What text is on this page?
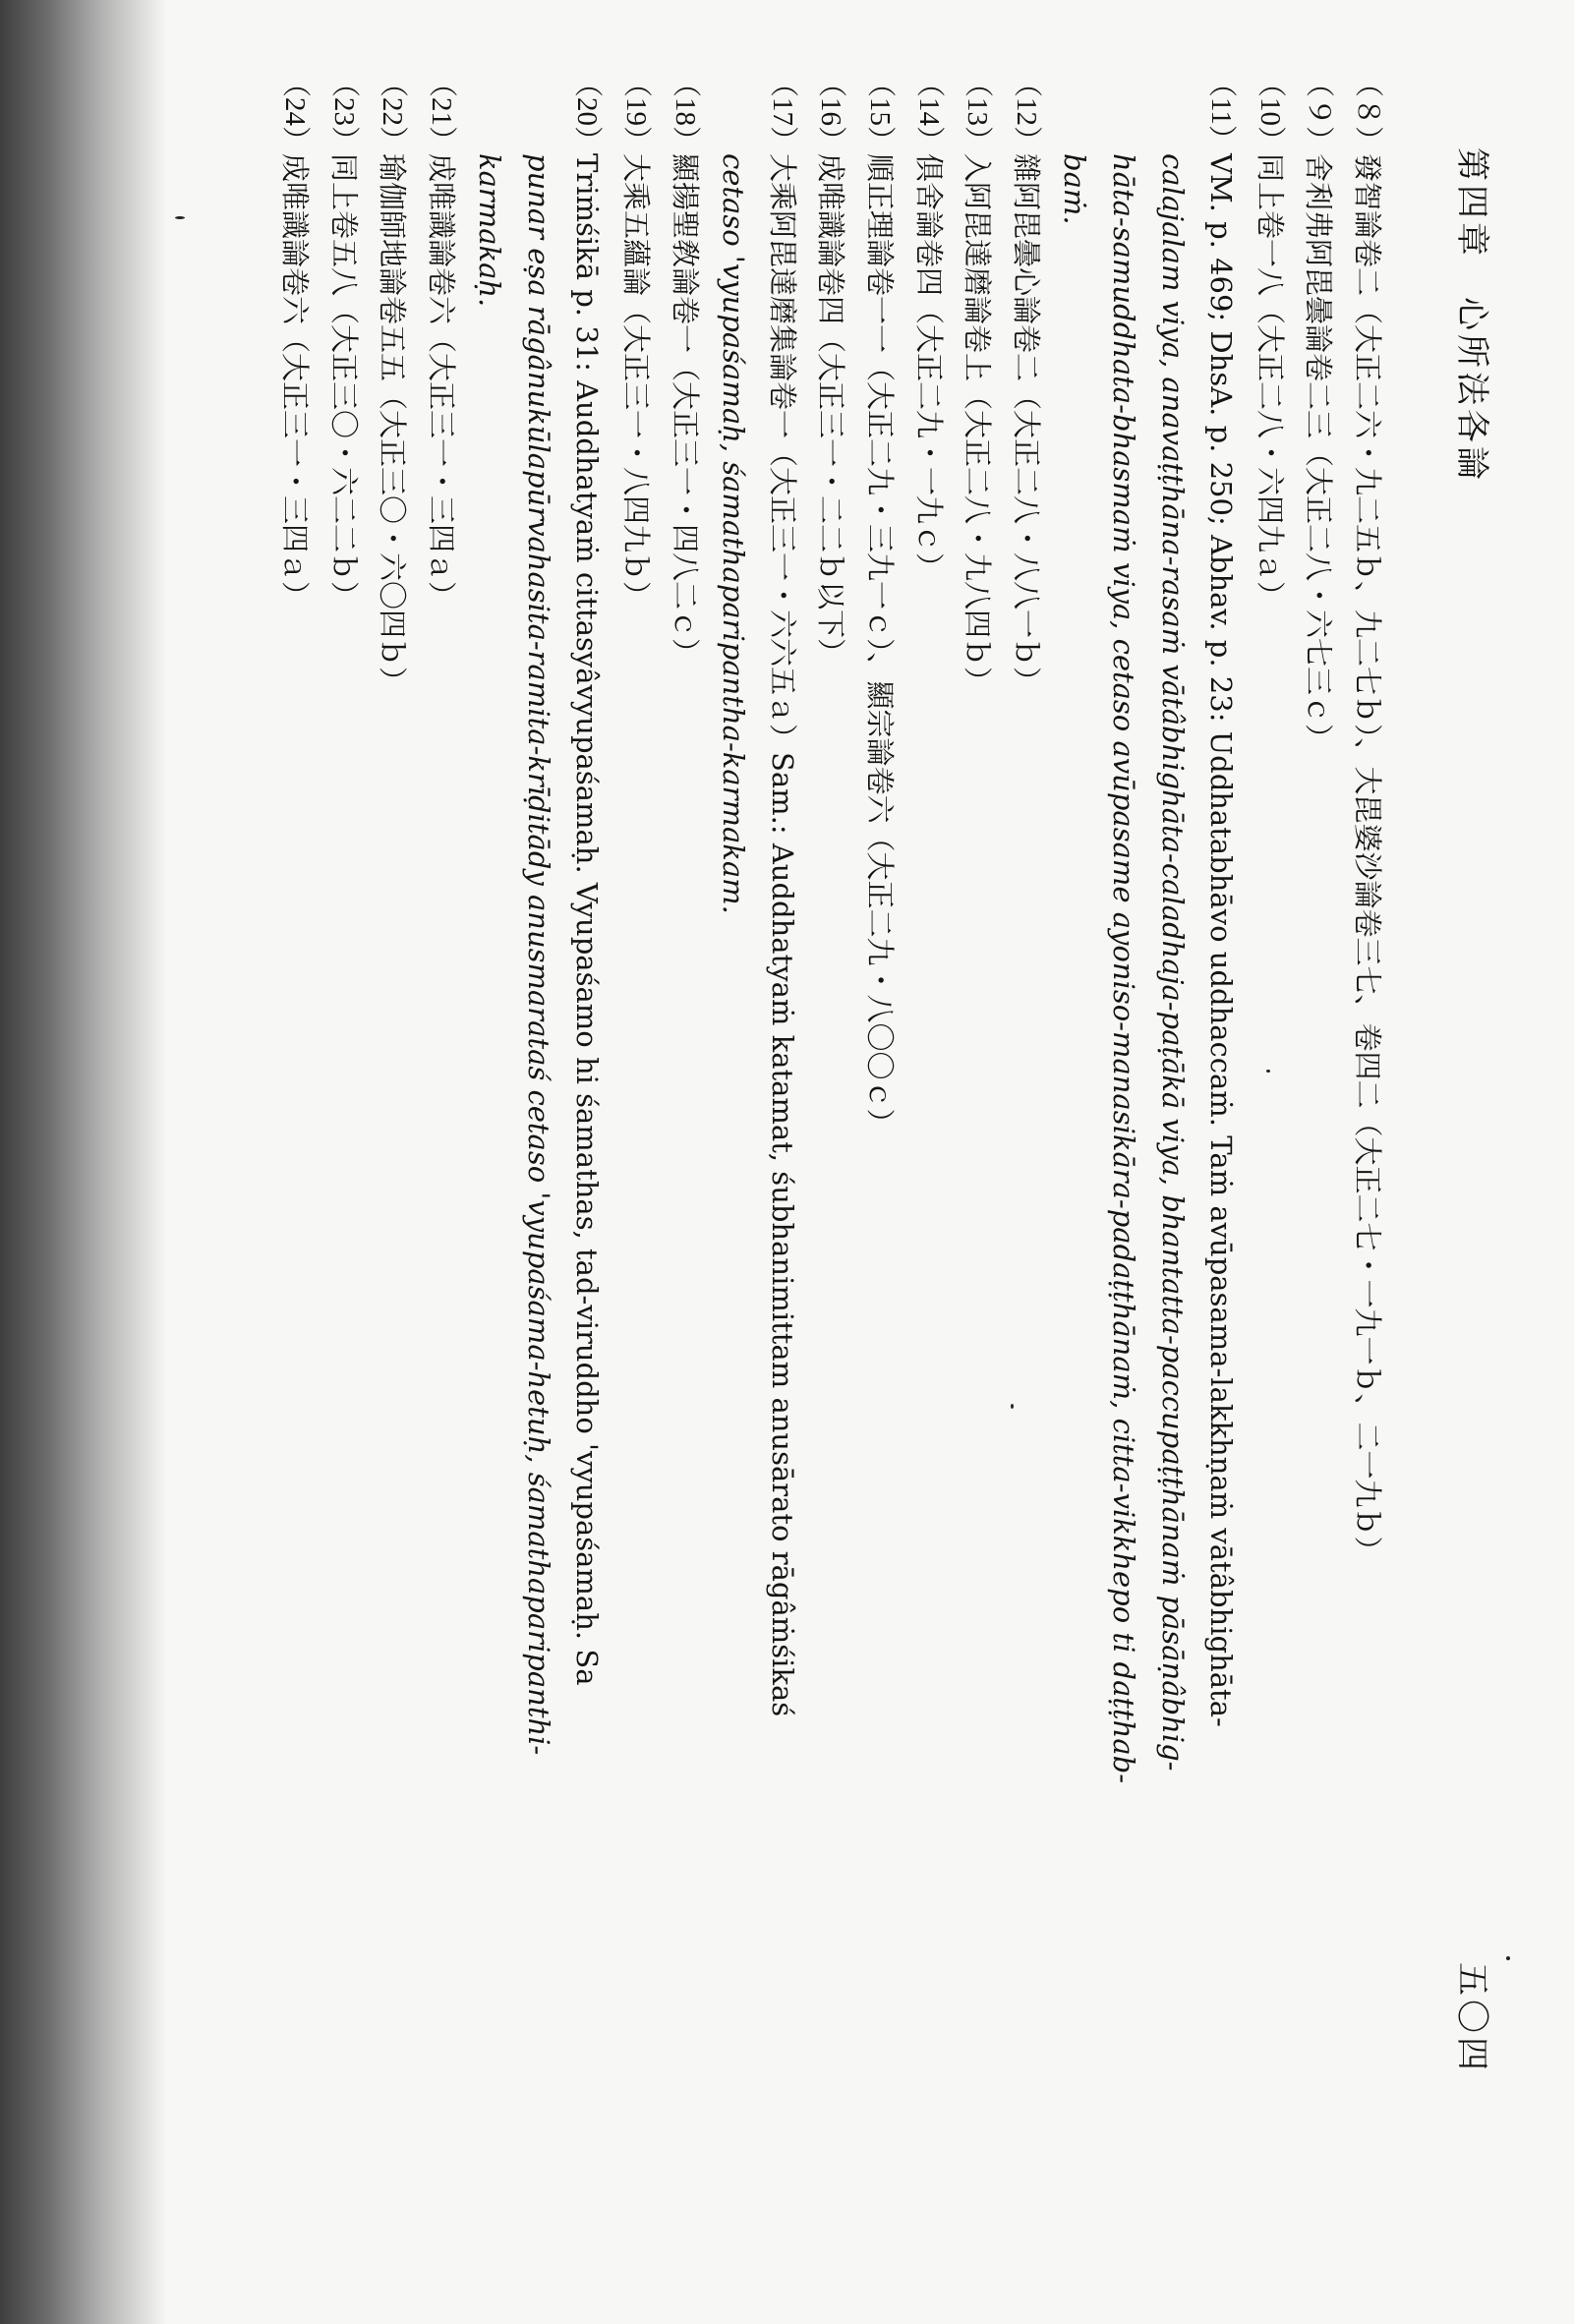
第四章　心所法各論
五〇四
（８）
發智論卷二（大正二六・九二五ｂ、九二七ｂ）、大毘婆沙論卷三七、卷四二（大正二七・一九一ｂ、二一九ｂ）
（９）
舍利弗阿毘曇論卷二三（大正二八・六七三ｃ）
（10）
同上卷一八（大正二八・六四九ａ）
（11）
VM. p. 469; DhsA. p. 250; Abhav. p. 23: Uddhatabhāvo uddhaccaṁ. Taṁ avūpasama-lakkhṇaṁ vātâbhighāta-
calajalam viya, anavaṭṭhāna-rasaṁ vātâbhighāta-caladhaja-paṭākā viya, bhantatta-paccupaṭṭhānaṁ pāsāṇâbhig-
hāta-samuddhata-bhasmaṁ viya, cetaso avūpasame ayoniso-manasikāra-padaṭṭhānaṁ, citta-vikkhepo ti daṭṭhab-
baṁ.
（12）
雜阿毘曇心論卷二（大正二八・八八一ｂ）
（13）
入阿毘達磨論卷上（大正二八・九八四ｂ）
（14）
俱舍論卷四（大正二九・一九ｃ）
（15）
順正理論卷一一（大正二九・三九一ｃ）、顯宗論卷六（大正二九・八〇〇ｃ）
（16）
成唯識論卷四（大正三一・二二ｂ以下）
（17）
大乘阿毘達磨集論卷一（大正三一・六六五ａ）Sam.: Auddhatyaṁ katamat, śubhanimittam anusārato rāgâṁśikaś
cetaso 'vyupaśamaḥ, śamathaparipantha-karmakam.
（18）
顯揚聖敎論卷一（大正三一・四八二ｃ）
（19）
大乘五蘊論（大正三一・八四九ｂ）
（20）
Triṁśikā p. 31: Auddhatyaṁ cittasyâvyupaśamaḥ. Vyupaśamo hi śamathas, tad-viruddho 'vyupaśamaḥ. Sa
punar eṣa rāgânukūlapūrvahasita-ramita-krīḍitādy anusmarataś cetaso 'vyupaśama-hetuḥ, śamathaparipanthi-
karmakaḥ.
（21）
成唯識論卷六（大正三一・三四ａ）
（22）
瑜伽師地論卷五五（大正三〇・六〇四ｂ）
（23）
同上卷五八（大正三〇・六二二ｂ）
（24）
成唯識論卷六（大正三一・三四ａ）
